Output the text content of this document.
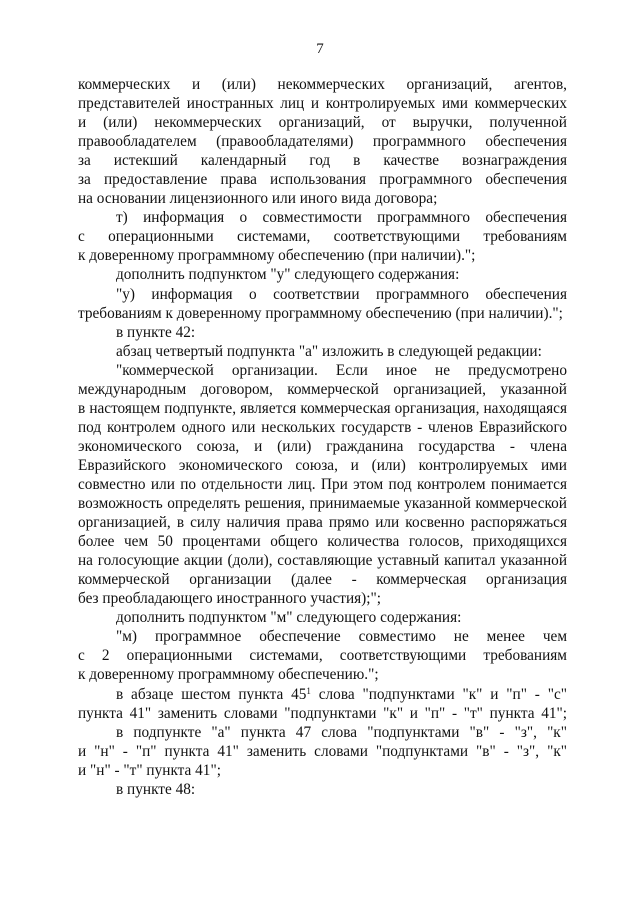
7
коммерческих и (или) некоммерческих организаций, агентов,
представителей иностранных лиц и контролируемых ими коммерческих
и (или) некоммерческих организаций, от выручки, полученной
правообладателем (правообладателями) программного обеспечения
за истекший календарный год в качестве вознаграждения
за предоставление права использования программного обеспечения
на основании лицензионного или иного вида договора;
т) информация о совместимости программного обеспечения
с операционными системами, соответствующими требованиям
к доверенному программному обеспечению (при наличии).";
дополнить подпунктом "у" следующего содержания:
"у) информация о соответствии программного обеспечения
требованиям к доверенному программному обеспечению (при наличии).";
в пункте 42:
абзац четвертый подпункта "а" изложить в следующей редакции:
"коммерческой организации. Если иное не предусмотрено
международным договором, коммерческой организацией, указанной
в настоящем подпункте, является коммерческая организация, находящаяся
под контролем одного или нескольких государств - членов Евразийского
экономического союза, и (или) гражданина государства - члена
Евразийского экономического союза, и (или) контролируемых ими
совместно или по отдельности лиц. При этом под контролем понимается
возможность определять решения, принимаемые указанной коммерческой
организацией, в силу наличия права прямо или косвенно распоряжаться
более чем 50 процентами общего количества голосов, приходящихся
на голосующие акции (доли), составляющие уставный капитал указанной
коммерческой организации (далее - коммерческая организация
без преобладающего иностранного участия);";
дополнить подпунктом "м" следующего содержания:
"м) программное обеспечение совместимо не менее чем
с 2 операционными системами, соответствующими требованиям
к доверенному программному обеспечению.";
в абзаце шестом пункта $45^1$ слова "подпунктами "к" и "п" - "с"
пункта 41" заменить словами "подпунктами "к" и "п" - "т" пункта 41";
в подпункте "а" пункта 47 слова "подпунктами "в" - "з", "к"
и "н" - "п" пункта 41" заменить словами "подпунктами "в" - "з", "к"
и "н" - "т" пункта 41";
в пункте 48:
